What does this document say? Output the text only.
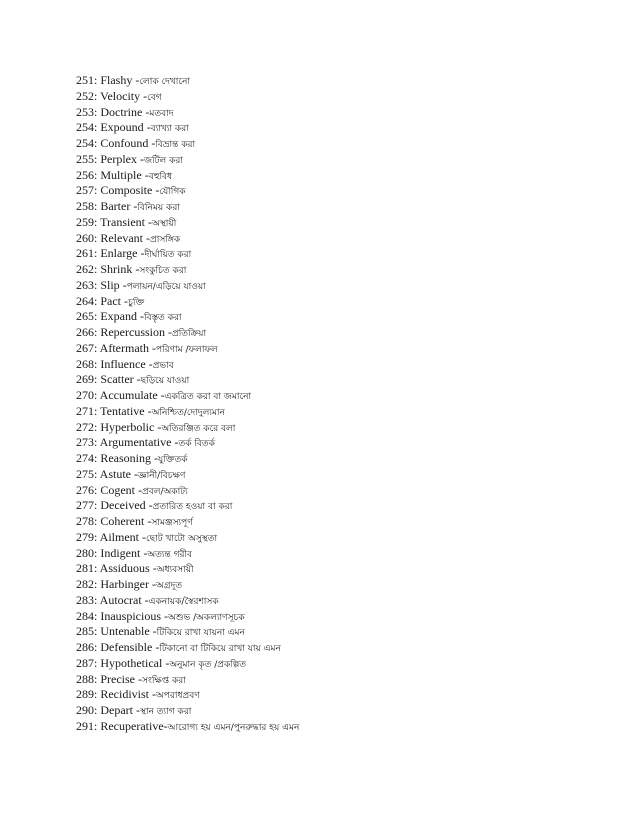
251: Flashy -লোক দেখানো
252: Velocity -বেগ
253: Doctrine -মতবাদ
254: Expound -ব্যাখ্যা করা
254: Confound -বিভ্রান্ত করা
255: Perplex -জটিল করা
256: Multiple -বহুবিধ
257: Composite -যৌগিক
258: Barter -বিনিময় করা
259: Transient -অস্থায়ী
260: Relevant -প্রাসঙ্গিক
261: Enlarge -দীর্ঘায়িত করা
262: Shrink -সংকুচিত করা
263: Slip -পলায়ন/এড়িয়ে যাওয়া
264: Pact -চুক্তি
265: Expand -বিস্তৃত করা
266: Repercussion -প্রতিক্রিয়া
267: Aftermath -পরিণাম /ফলাফল
268: Influence -প্রভাব
269: Scatter -ছড়িয়ে যাওয়া
270: Accumulate -একত্রিত করা বা জমানো
271: Tentative -অনিশ্চিত/দোদুল্যমান
272: Hyperbolic -অতিরঞ্জিত করে বলা
273: Argumentative -তর্ক বিতর্ক
274: Reasoning -যুক্তিতর্ক
275: Astute -জ্ঞানী/বিচক্ষণ
276: Cogent -প্রবল/অকাট্য
277: Deceived -প্রতারিত হওয়া বা করা
278: Coherent -সামঞ্জস্যপূর্ণ
279: Ailment -ছোট খাটো অসুস্থতা
280: Indigent -অত্যন্ত গরীব
281: Assiduous -অধ্যবসায়ী
282: Harbinger -অগ্রদূত
283: Autocrat -একনায়ক/স্বৈরশাসক
284: Inauspicious -অশুভ /অকল্যাণসূচক
285: Untenable -টিকিয়ে রাখা যায়না এমন
286: Defensible -টিকানো বা টিকিয়ে রাখা যায় এমন
287: Hypothetical -অনুমান কৃত /প্রকল্পিত
288: Precise -সংক্ষিপ্ত করা
289: Recidivist -অপরাধপ্রবণ
290: Depart -স্থান ত্যাগ করা
291: Recuperative-আরোগ্য হয় এমন/পুনরুদ্ধার হয় এমন
